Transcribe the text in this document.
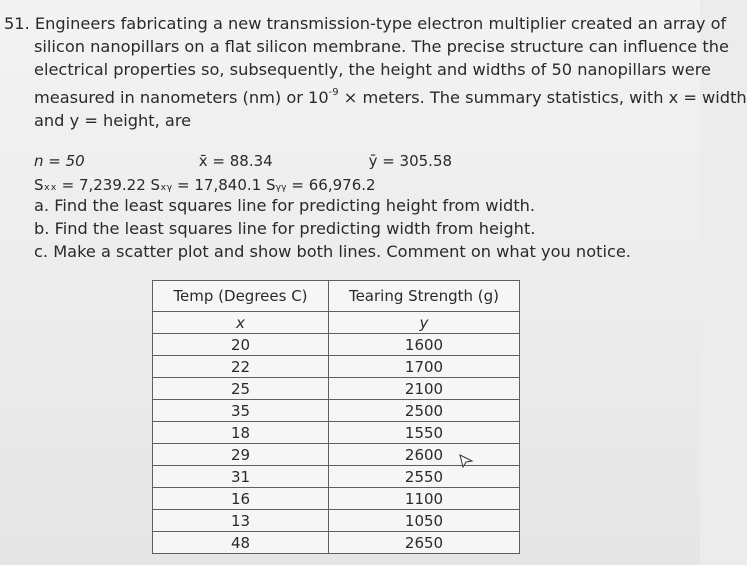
51. Engineers fabricating a new transmission-type electron multiplier created an array of
silicon nanopillars on a flat silicon membrane. The precise structure can influence the
electrical properties so, subsequently, the height and widths of 50 nanopillars were
measured in nanometers (nm) or $10^{-9}$ × meters. The summary statistics, with x = width
and y = height, are
n = 50	x̄ = 88.34	ȳ = 305.58
Sₓₓ = 7,239.22 Sₓᵧ = 17,840.1 Sᵧᵧ = 66,976.2
a. Find the least squares line for predicting height from width.
b. Find the least squares line for predicting width from height.
c. Make a scatter plot and show both lines. Comment on what you notice.
Temp (Degrees C)	Tearing Strength (g)
x	y
20	1600
22	1700
25	2100
35	2500
18	1550
29	2600
31	2550
16	1100
13	1050
48	2650
